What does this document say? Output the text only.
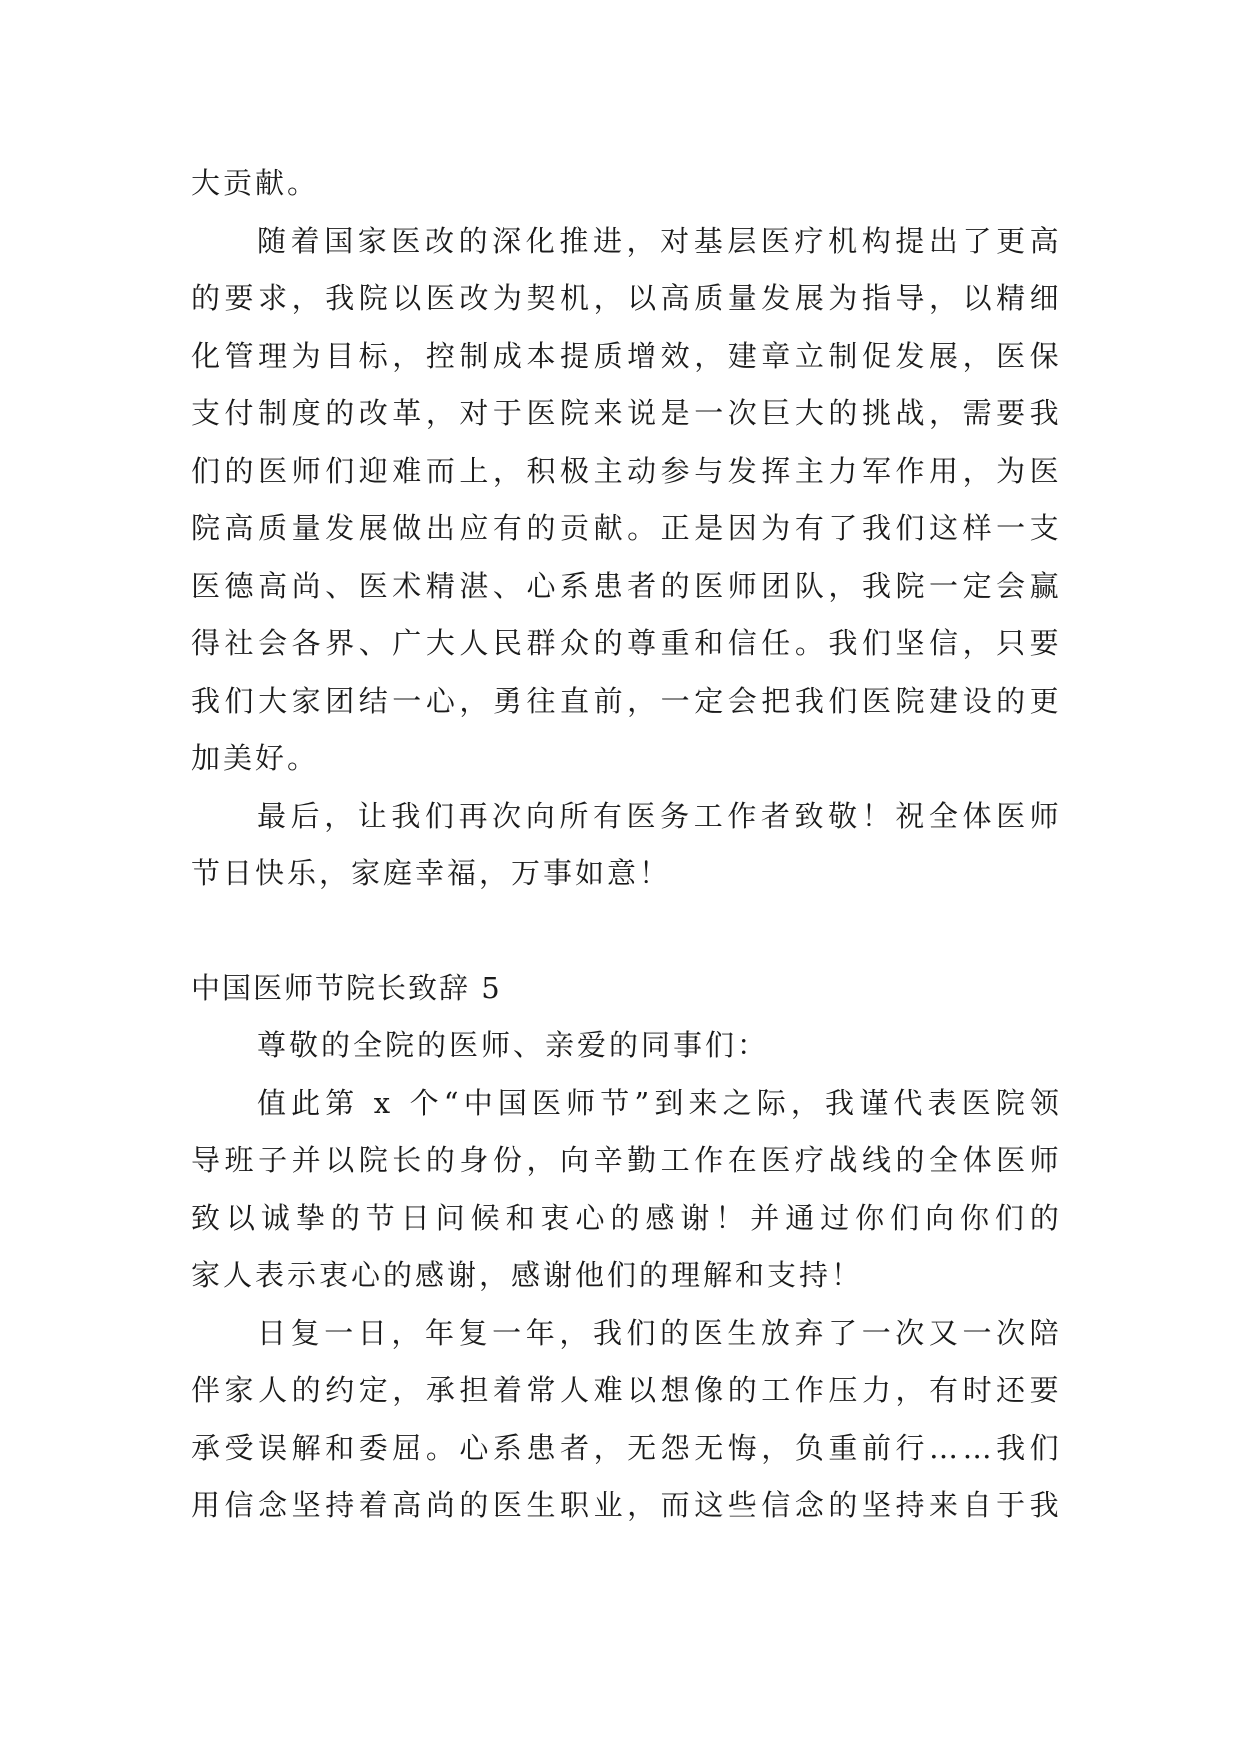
大贡献。
随 着 国 家 医 改 的 深 化 推 进 ， 对 基 层 医 疗 机 构 提 出 了 更 高
的 要 求 ， 我 院 以 医 改 为 契 机 ， 以 高 质 量 发 展 为 指 导 ， 以 精 细
化 管 理 为 目 标 ， 控 制 成 本 提 质 增 效 ， 建 章 立 制 促 发 展 ， 医 保
支 付 制 度 的 改 革 ， 对 于 医 院 来 说 是 一 次 巨 大 的 挑 战 ， 需 要 我
们 的 医 师 们 迎 难 而 上 ， 积 极 主 动 参 与 发 挥 主 力 军 作 用 ， 为 医
院 高 质 量 发 展 做 出 应 有 的 贡 献 。 正 是 因 为 有 了 我 们 这 样 一 支
医 德 高 尚 、 医 术 精 湛 、 心 系 患 者 的 医 师 团 队 ， 我 院 一 定 会 赢
得 社 会 各 界 、 广 大 人 民 群 众 的 尊 重 和 信 任 。 我 们 坚 信 ， 只 要
我 们 大 家 团 结 一 心 ， 勇 往 直 前 ， 一 定 会 把 我 们 医 院 建 设 的 更
加美好。
最 后 ， 让 我 们 再 次 向 所 有 医 务 工 作 者 致 敬 ！ 祝 全 体 医 师
节日快乐，家庭幸福，万事如意！
中国医师节院长致辞 5
尊敬的全院的医师、亲爱的同事们：
值 此 第
x
个 “ 中 国 医 师 节 ” 到 来 之 际 ， 我 谨 代 表 医 院 领
导 班 子 并 以 院 长 的 身 份 ， 向 辛 勤 工 作 在 医 疗 战 线 的 全 体 医 师
致 以 诚 挚 的 节 日 问 候 和 衷 心 的 感 谢 ！ 并 通 过 你 们 向 你 们 的
家人表示衷心的感谢，感谢他们的理解和支持！
日 复 一 日 ， 年 复 一 年 ， 我 们 的 医 生 放 弃 了 一 次 又 一 次 陪
伴 家 人 的 约 定 ， 承 担 着 常 人 难 以 想 像 的 工 作 压 力 ， 有 时 还 要
承 受 误 解 和 委 屈 。 心 系 患 者 ， 无 怨 无 悔 ， 负 重 前 行 … … 我 们
用 信 念 坚 持 着 高 尚 的 医 生 职 业 ， 而 这 些 信 念 的 坚 持 来 自 于 我
